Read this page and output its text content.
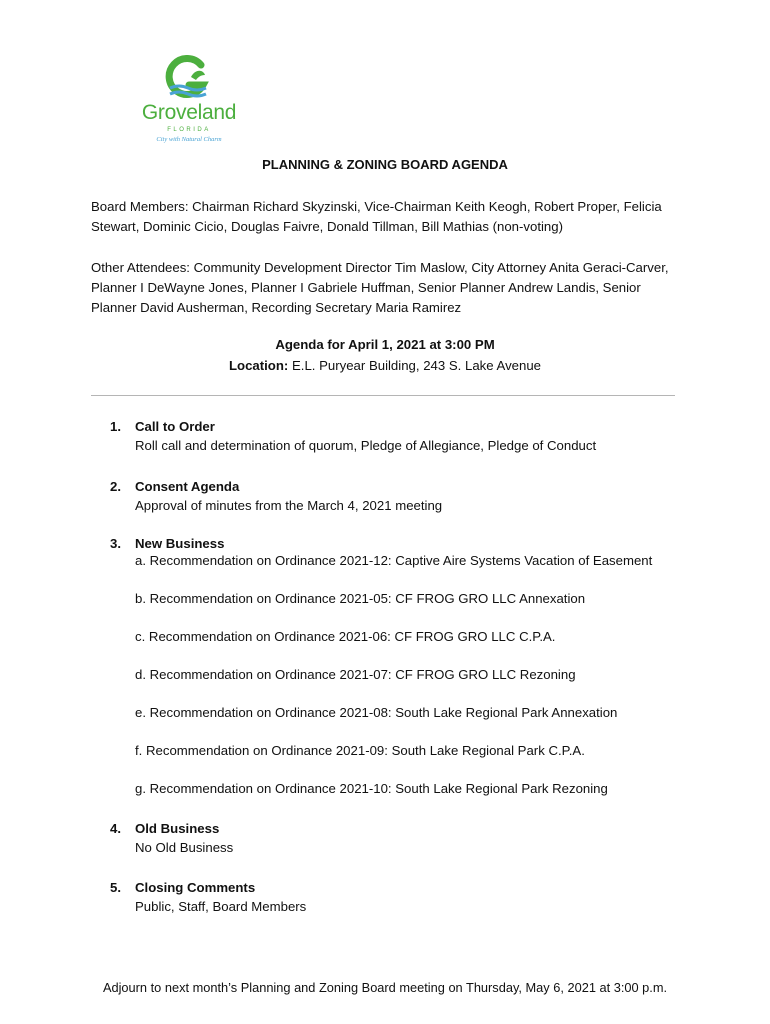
Groveland
FLORIDA
City with Natural Charm
PLANNING & ZONING BOARD AGENDA

Board Members: Chairman Richard Skyzinski, Vice-Chairman Keith Keogh, Robert Proper, Felicia Stewart, Dominic Cicio, Douglas Faivre, Donald Tillman, Bill Mathias (non-voting)

Other Attendees: Community Development Director Tim Maslow, City Attorney Anita Geraci-Carver, Planner I DeWayne Jones, Planner I Gabriele Huffman, Senior Planner Andrew Landis, Senior Planner David Ausherman, Recording Secretary Maria Ramirez

Agenda for April 1, 2021 at 3:00 PM
Location: E.L. Puryear Building, 243 S. Lake Avenue
1. Call to Order
Roll call and determination of quorum, Pledge of Allegiance, Pledge of Conduct
2. Consent Agenda
Approval of minutes from the March 4, 2021 meeting
3. New Business
a. Recommendation on Ordinance 2021-12: Captive Aire Systems Vacation of Easement
b. Recommendation on Ordinance 2021-05: CF FROG GRO LLC Annexation
c. Recommendation on Ordinance 2021-06: CF FROG GRO LLC C.P.A.
d. Recommendation on Ordinance 2021-07: CF FROG GRO LLC Rezoning
e. Recommendation on Ordinance 2021-08: South Lake Regional Park Annexation
f. Recommendation on Ordinance 2021-09: South Lake Regional Park C.P.A.
g. Recommendation on Ordinance 2021-10: South Lake Regional Park Rezoning
4. Old Business
No Old Business
5. Closing Comments
Public, Staff, Board Members
Adjourn to next month’s Planning and Zoning Board meeting on Thursday, May 6, 2021 at 3:00 p.m.
